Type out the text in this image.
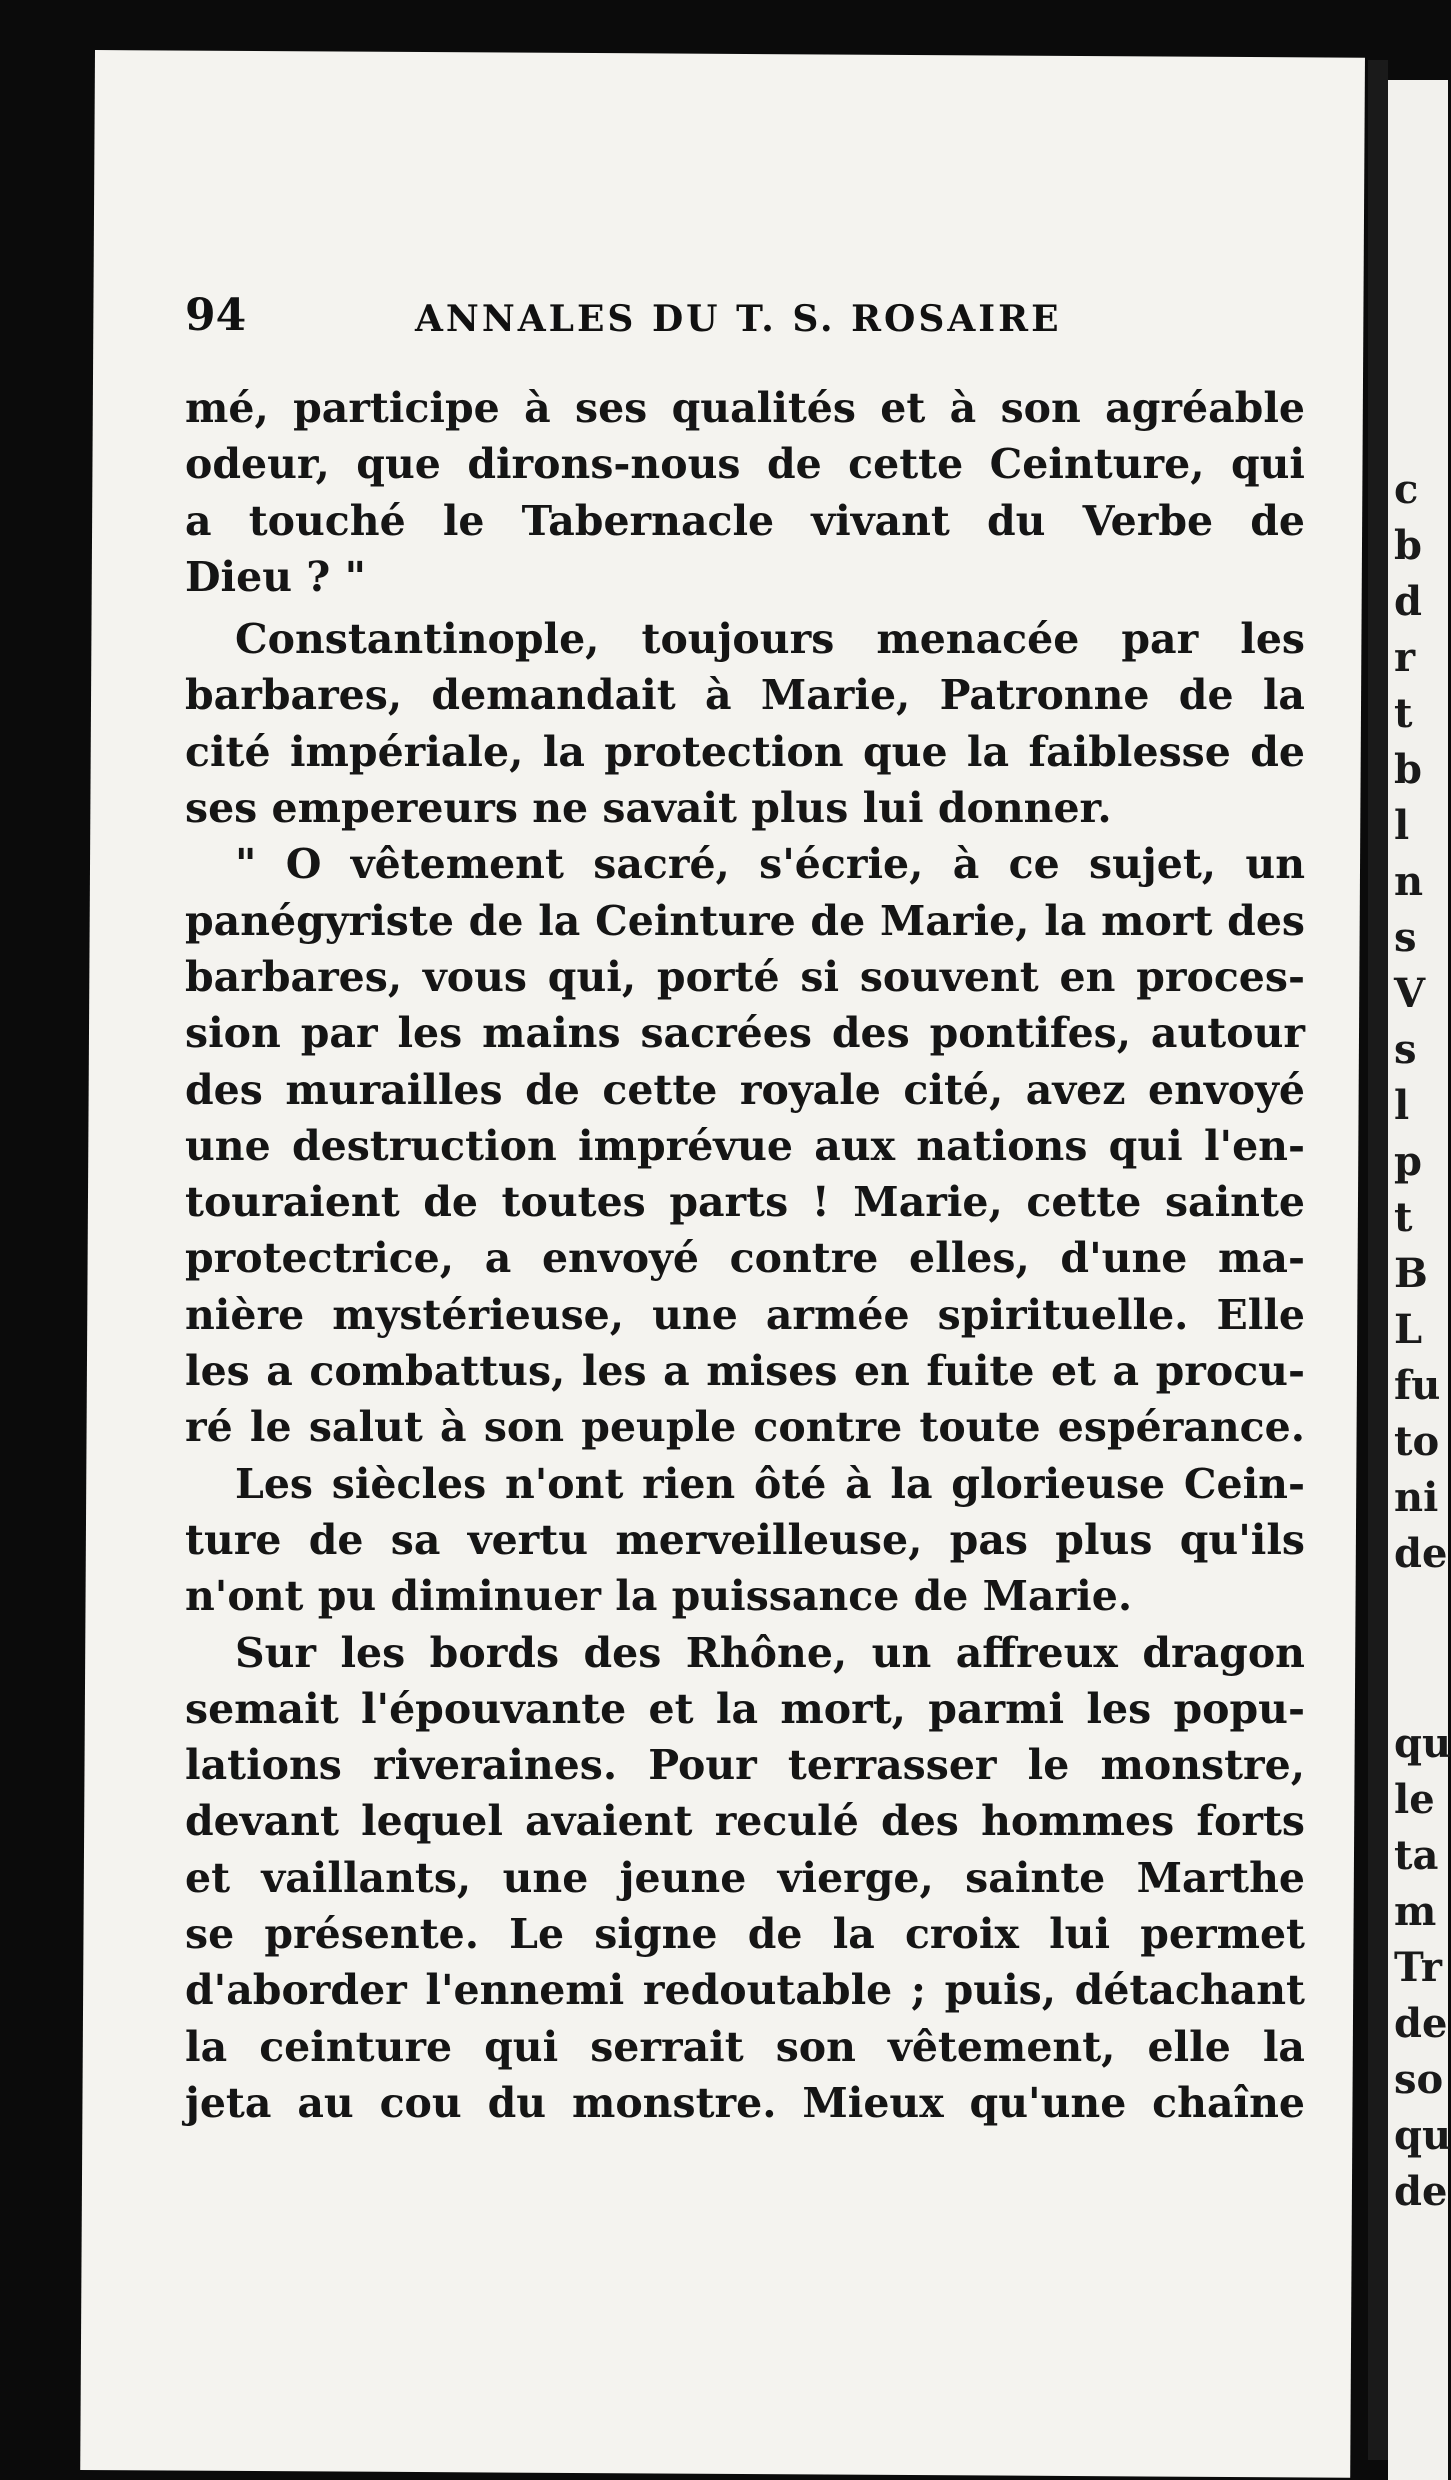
c
b
d
r
t
b
l
n
s
V
s
l
p
t
B
L
fu
to
ni
de
qu
le
ta
m
Tr
de
so
qu
de
94	ANNALES DU T. S. ROSAIRE
mé, participe à ses qualités et à son agréable
odeur, que dirons-nous de cette Ceinture, qui
a touché le Tabernacle vivant du Verbe de
Dieu ? "
Constantinople, toujours menacée par les
barbares, demandait à Marie, Patronne de la
cité impériale, la protection que la faiblesse de
ses empereurs ne savait plus lui donner.
" O vêtement sacré, s'écrie, à ce sujet, un
panégyriste de la Ceinture de Marie, la mort des
barbares, vous qui, porté si souvent en proces-
sion par les mains sacrées des pontifes, autour
des murailles de cette royale cité, avez envoyé
une destruction imprévue aux nations qui l'en-
touraient de toutes parts ! Marie, cette sainte
protectrice, a envoyé contre elles, d'une ma-
nière mystérieuse, une armée spirituelle. Elle
les a combattus, les a mises en fuite et a procu-
ré le salut à son peuple contre toute espérance.
Les siècles n'ont rien ôté à la glorieuse Cein-
ture de sa vertu merveilleuse, pas plus qu'ils
n'ont pu diminuer la puissance de Marie.
Sur les bords des Rhône, un affreux dragon
semait l'épouvante et la mort, parmi les popu-
lations riveraines. Pour terrasser le monstre,
devant lequel avaient reculé des hommes forts
et vaillants, une jeune vierge, sainte Marthe
se présente. Le signe de la croix lui permet
d'aborder l'ennemi redoutable ; puis, détachant
la ceinture qui serrait son vêtement, elle la
jeta au cou du monstre. Mieux qu'une chaîne
